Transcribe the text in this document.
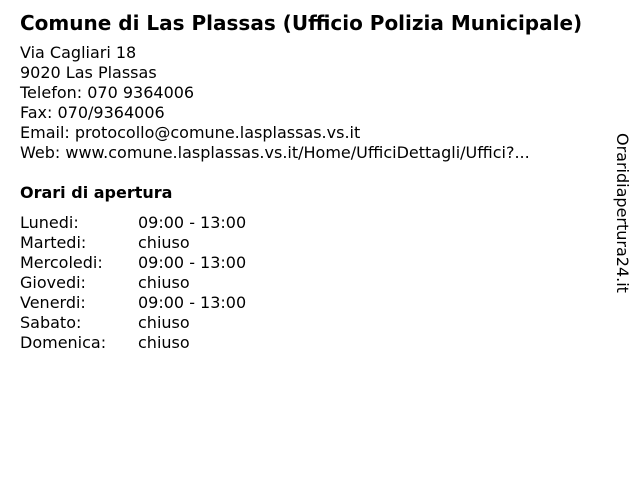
Comune di Las Plassas (Ufficio Polizia Municipale)
Via Cagliari 18
9020 Las Plassas
Telefon: 070 9364006
Fax: 070/9364006
Email: protocollo@comune.lasplassas.vs.it
Web: www.comune.lasplassas.vs.it/Home/UfficiDettagli/Uffici?...
Orari di apertura
Lunedi:	09:00 - 13:00
Martedi:	chiuso
Mercoledi:	09:00 - 13:00
Giovedi:	chiuso
Venerdi:	09:00 - 13:00
Sabato:	chiuso
Domenica:	chiuso
Oraridiapertura24.it
